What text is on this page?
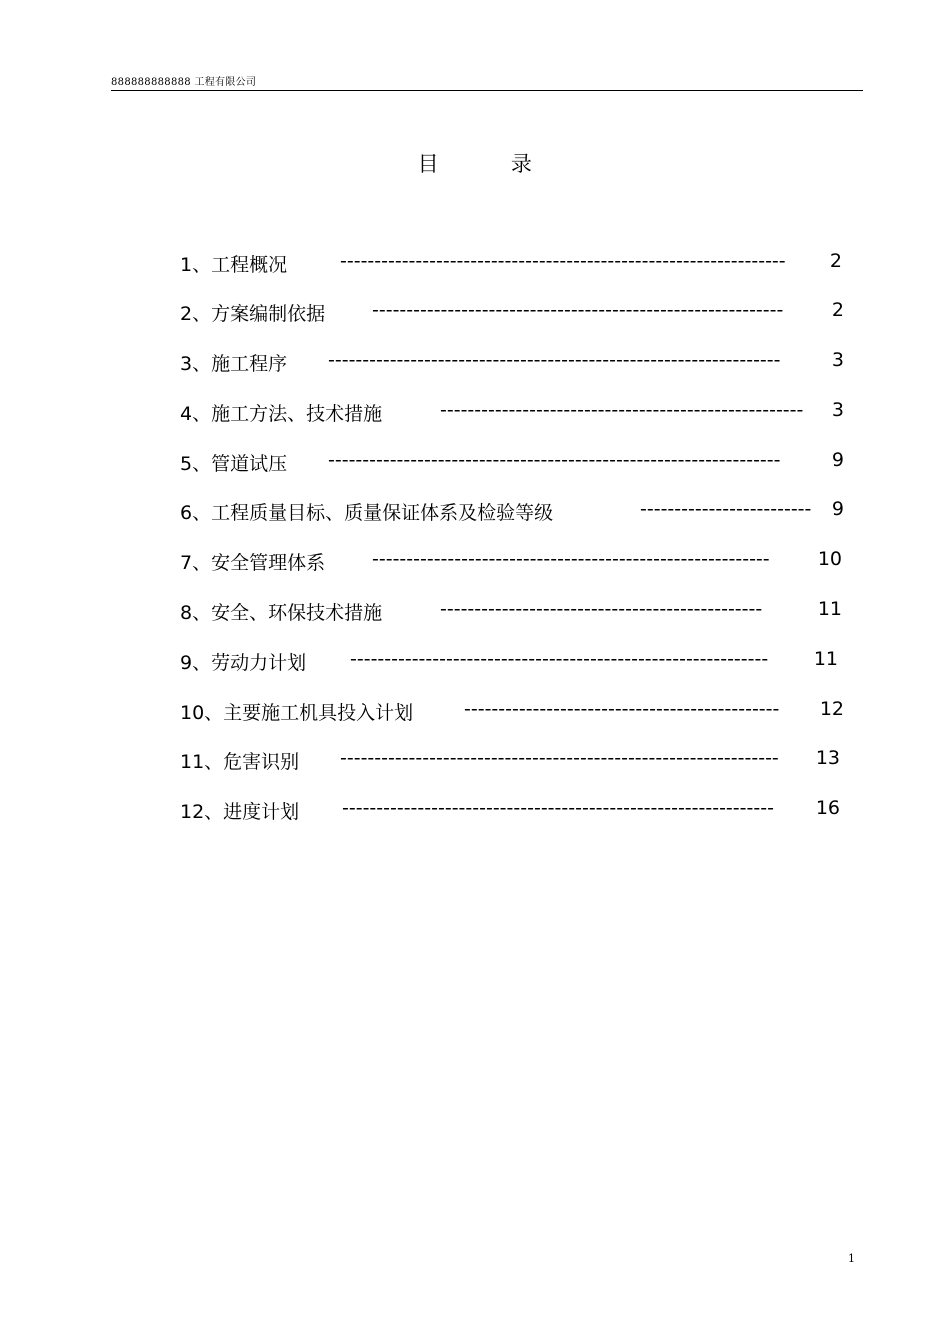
888888888888 工程有限公司
目          录
1、工程概况	-----------------------------------------------------------------	2
2、方案编制依据 ------------------------------------------------------------	2
3、施工程序 ------------------------------------------------------------------	3
4、施工方法、技术措施	-----------------------------------------------------	3
5、管道试压 ------------------------------------------------------------------	9
6、工程质量目标、质量保证体系及检验等级	-------------------------	9
7、安全管理体系 ----------------------------------------------------------	10
8、安全、环保技术措施	-----------------------------------------------	11
9、劳动力计划 -------------------------------------------------------------	11
10、主要施工机具投入计划	----------------------------------------------	12
11、危害识别 ----------------------------------------------------------------	13
12、进度计划 ---------------------------------------------------------------	16
1
